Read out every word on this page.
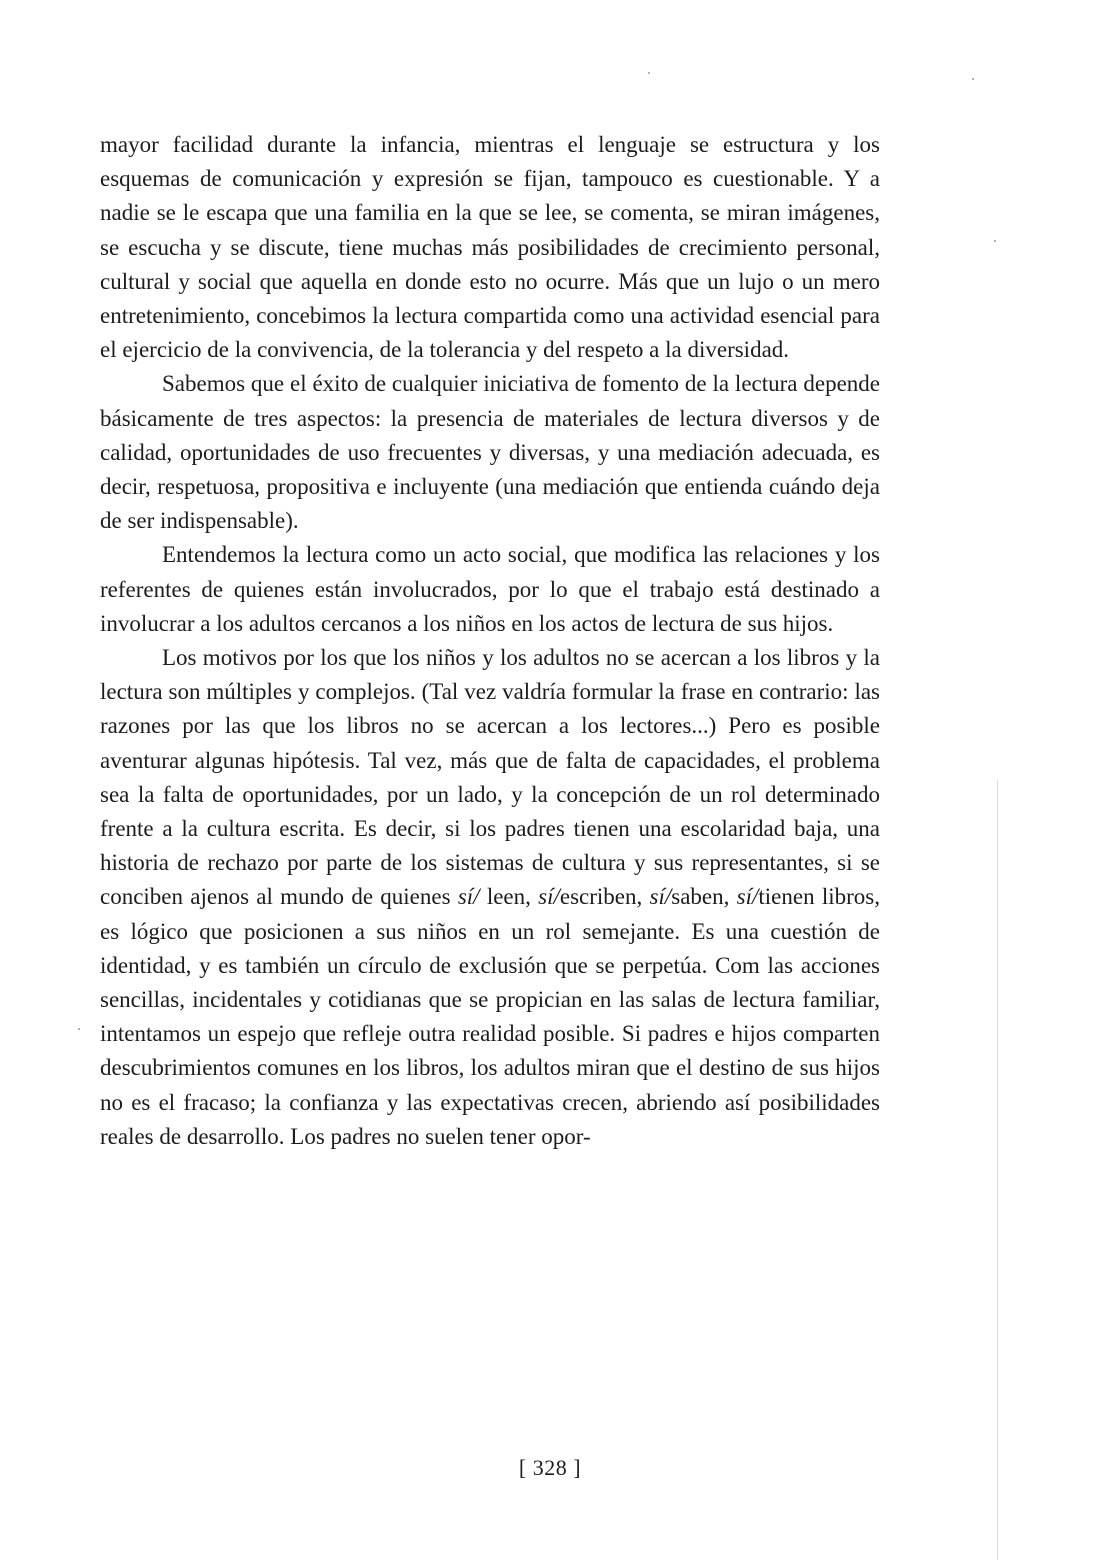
mayor facilidad durante la infancia, mientras el lenguaje se estructura y los esquemas de comunicación y expresión se fijan, tampouco es cuestionable. Y a nadie se le escapa que una familia en la que se lee, se comenta, se miran imágenes, se escucha y se discute, tiene muchas más posibilidades de crecimiento personal, cultural y social que aquella en donde esto no ocurre. Más que un lujo o un mero entretenimiento, concebimos la lectura compartida como una actividad esencial para el ejercicio de la convivencia, de la tolerancia y del respeto a la diversidad.

Sabemos que el éxito de cualquier iniciativa de fomento de la lectura depende básicamente de tres aspectos: la presencia de materiales de lectura diversos y de calidad, oportunidades de uso frecuentes y diversas, y una mediación adecuada, es decir, respetuosa, propositiva e incluyente (una mediación que entienda cuándo deja de ser indispensable).

Entendemos la lectura como un acto social, que modifica las relaciones y los referentes de quienes están involucrados, por lo que el trabajo está destinado a involucrar a los adultos cercanos a los niños en los actos de lectura de sus hijos.

Los motivos por los que los niños y los adultos no se acercan a los libros y la lectura son múltiples y complejos. (Tal vez valdría formular la frase en contrario: las razones por las que los libros no se acercan a los lectores...) Pero es posible aventurar algunas hipótesis. Tal vez, más que de falta de capacidades, el problema sea la falta de oportunidades, por un lado, y la concepción de un rol determinado frente a la cultura escrita. Es decir, si los padres tienen una escolaridad baja, una historia de rechazo por parte de los sistemas de cultura y sus representantes, si se conciben ajenos al mundo de quienes sí/ leen, sí/escriben, sí/saben, sí/tienen libros, es lógico que posicionen a sus niños en un rol semejante. Es una cuestión de identidad, y es también un círculo de exclusión que se perpetúa. Com las acciones sencillas, incidentales y cotidianas que se propician en las salas de lectura familiar, intentamos un espejo que refleje outra realidad posible. Si padres e hijos comparten descubrimientos comunes en los libros, los adultos miran que el destino de sus hijos no es el fracaso; la confianza y las expectativas crecen, abriendo así posibilidades reales de desarrollo. Los padres no suelen tener opor-

[ 328 ]
